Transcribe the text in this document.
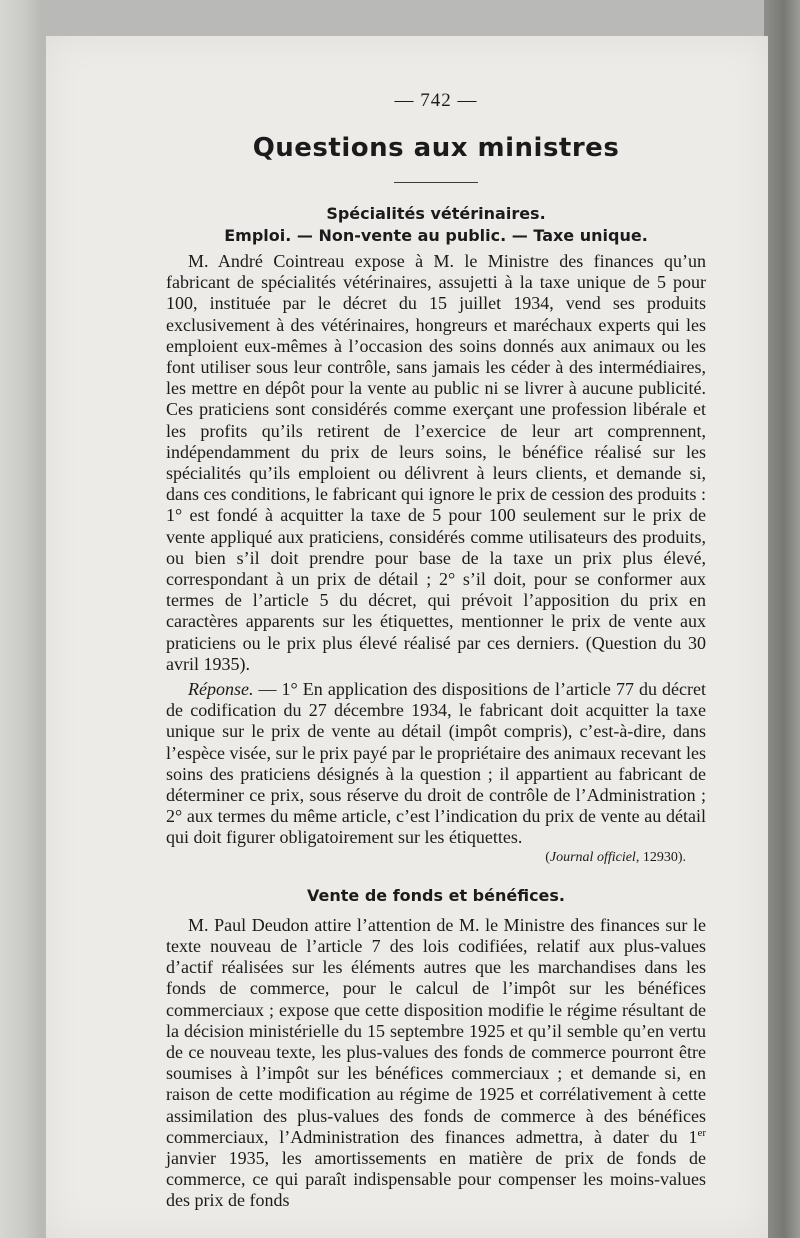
— 742 —

Questions aux ministres
Spécialités vétérinaires.
Emploi. — Non-vente au public. — Taxe unique.

M. André Cointreau expose à M. le Ministre des finances qu’un fabricant de spécialités vétérinaires, assujetti à la taxe unique de 5 pour 100, instituée par le décret du 15 juillet 1934, vend ses produits exclusivement à des vétérinaires, hongreurs et maréchaux experts qui les emploient eux-mêmes à l’occasion des soins donnés aux animaux ou les font utiliser sous leur contrôle, sans jamais les céder à des intermédiaires, les mettre en dépôt pour la vente au public ni se livrer à aucune publicité. Ces praticiens sont considérés comme exerçant une profession libérale et les profits qu’ils retirent de l’exercice de leur art comprennent, indépendamment du prix de leurs soins, le bénéfice réalisé sur les spécialités qu’ils emploient ou délivrent à leurs clients, et demande si, dans ces conditions, le fabricant qui ignore le prix de cession des produits : 1° est fondé à acquitter la taxe de 5 pour 100 seulement sur le prix de vente appliqué aux praticiens, considérés comme utilisateurs des produits, ou bien s’il doit prendre pour base de la taxe un prix plus élevé, correspondant à un prix de détail ; 2° s’il doit, pour se conformer aux termes de l’article 5 du décret, qui prévoit l’apposition du prix en caractères apparents sur les étiquettes, mentionner le prix de vente aux praticiens ou le prix plus élevé réalisé par ces derniers. (Question du 30 avril 1935).

Réponse. — 1° En application des dispositions de l’article 77 du décret de codification du 27 décembre 1934, le fabricant doit acquitter la taxe unique sur le prix de vente au détail (impôt compris), c’est-à-dire, dans l’espèce visée, sur le prix payé par le propriétaire des animaux recevant les soins des praticiens désignés à la question ; il appartient au fabricant de déterminer ce prix, sous réserve du droit de contrôle de l’Administration ; 2° aux termes du même article, c’est l’indication du prix de vente au détail qui doit figurer obligatoirement sur les étiquettes.

(Journal officiel, 12930).

Vente de fonds et bénéfices.

M. Paul Deudon attire l’attention de M. le Ministre des finances sur le texte nouveau de l’article 7 des lois codifiées, relatif aux plus-values d’actif réalisées sur les éléments autres que les marchandises dans les fonds de commerce, pour le calcul de l’impôt sur les bénéfices commerciaux ; expose que cette disposition modifie le régime résultant de la décision ministérielle du 15 septembre 1925 et qu’il semble qu’en vertu de ce nouveau texte, les plus-values des fonds de commerce pourront être soumises à l’impôt sur les bénéfices commerciaux ; et demande si, en raison de cette modification au régime de 1925 et corrélativement à cette assimilation des plus-values des fonds de commerce à des bénéfices commerciaux, l’Administration des finances admettra, à dater du 1er janvier 1935, les amortissements en matière de prix de fonds de commerce, ce qui paraît indispensable pour compenser les moins-values des prix de fonds
